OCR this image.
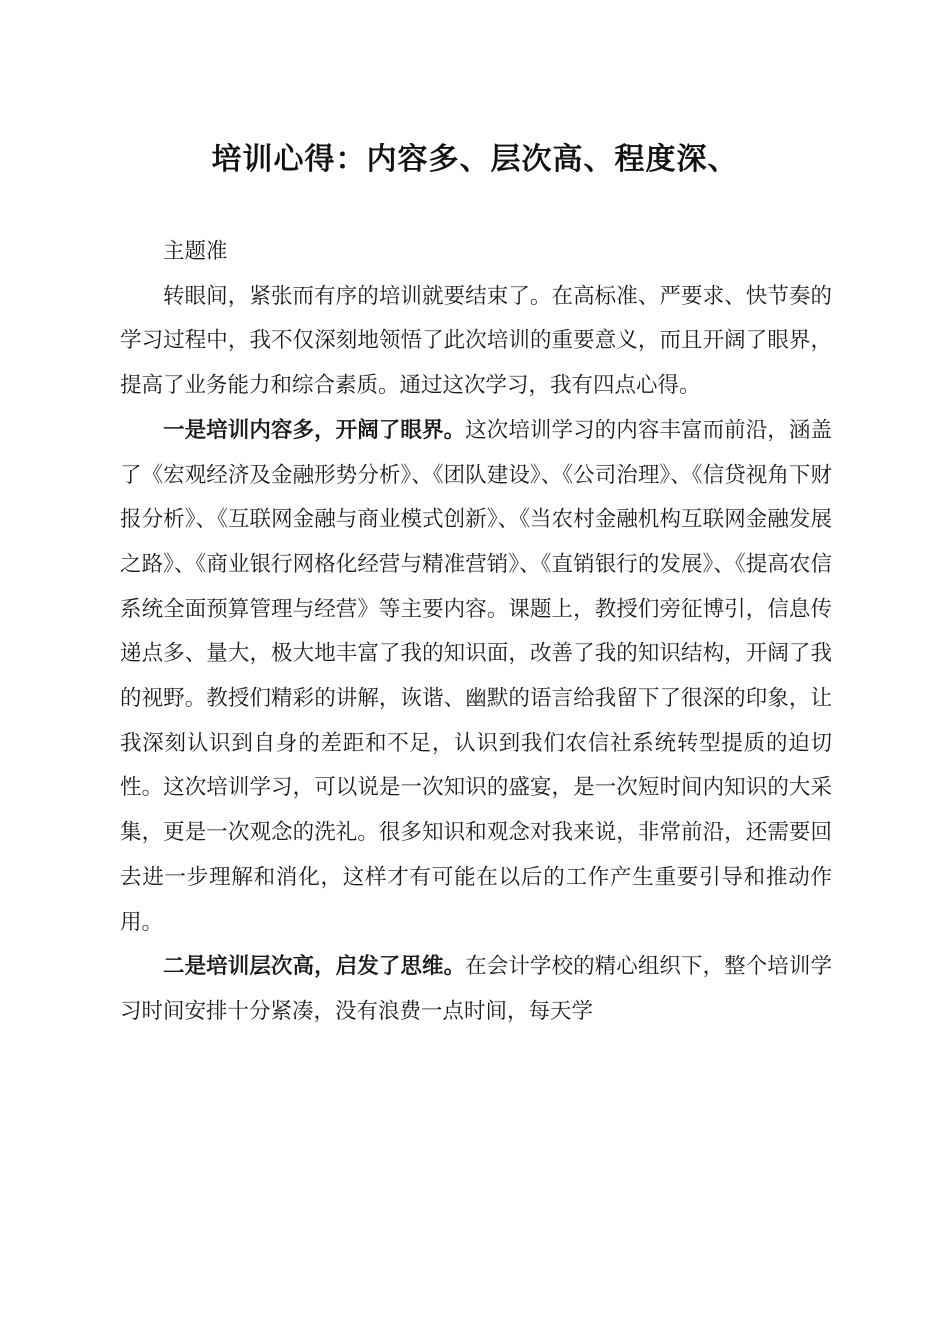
培训心得：内容多、层次高、程度深、

主题准

转眼间，紧张而有序的培训就要结束了。在高标准、严要求、快节奏的学习过程中，我不仅深刻地领悟了此次培训的重要意义，而且开阔了眼界，提高了业务能力和综合素质。通过这次学习，我有四点心得。

一是培训内容多，开阔了眼界。这次培训学习的内容丰富而前沿，涵盖了《宏观经济及金融形势分析》、《团队建设》、《公司治理》、《信贷视角下财报分析》、《互联网金融与商业模式创新》、《当农村金融机构互联网金融发展之路》、《商业银行网格化经营与精准营销》、《直销银行的发展》、《提高农信系统全面预算管理与经营》等主要内容。课题上，教授们旁征博引，信息传递点多、量大，极大地丰富了我的知识面，改善了我的知识结构，开阔了我的视野。教授们精彩的讲解，诙谐、幽默的语言给我留下了很深的印象，让我深刻认识到自身的差距和不足，认识到我们农信社系统转型提质的迫切性。这次培训学习，可以说是一次知识的盛宴，是一次短时间内知识的大采集，更是一次观念的洗礼。很多知识和观念对我来说，非常前沿，还需要回去进一步理解和消化，这样才有可能在以后的工作产生重要引导和推动作用。

二是培训层次高，启发了思维。在会计学校的精心组织下，整个培训学习时间安排十分紧凑，没有浪费一点时间，每天学
